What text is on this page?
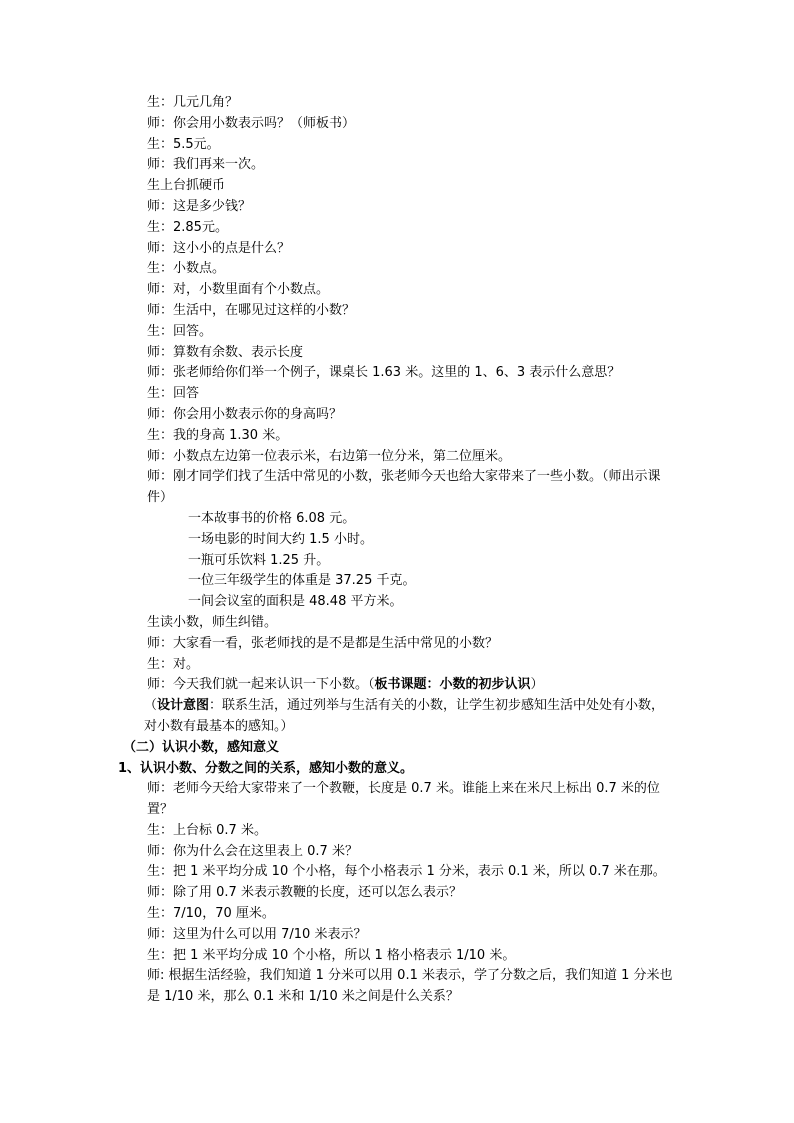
生：几元几角？
师：你会用小数表示吗？（师板书）
生：5.5元。
师：我们再来一次。
生上台抓硬币
师：这是多少钱？
生：2.85元。
师：这小小的点是什么？
生：小数点。
师：对，小数里面有个小数点。
师：生活中，在哪见过这样的小数？
生：回答。
师：算数有余数、表示长度
师：张老师给你们举一个例子，课桌长 1.63 米。这里的 1、6、3 表示什么意思？
生：回答
师：你会用小数表示你的身高吗？
生：我的身高 1.30 米。
师：小数点左边第一位表示米，右边第一位分米，第二位厘米。
师：刚才同学们找了生活中常见的小数，张老师今天也给大家带来了一些小数。（师出示课件）
一本故事书的价格 6.08 元。
一场电影的时间大约 1.5 小时。
一瓶可乐饮料 1.25 升。
一位三年级学生的体重是 37.25 千克。
一间会议室的面积是 48.48 平方米。
生读小数，师生纠错。
师：大家看一看，张老师找的是不是都是生活中常见的小数？
生：对。
师：今天我们就一起来认识一下小数。（板书课题：小数的初步认识）
（设计意图：联系生活，通过列举与生活有关的小数，让学生初步感知生活中处处有小数，对小数有最基本的感知。）
（二）认识小数，感知意义
1、认识小数、分数之间的关系，感知小数的意义。
师：老师今天给大家带来了一个教鞭，长度是 0.7 米。谁能上来在米尺上标出 0.7 米的位置？
生：上台标 0.7 米。
师：你为什么会在这里表上 0.7 米？
生：把 1 米平均分成 10 个小格，每个小格表示 1 分米，表示 0.1 米，所以 0.7 米在那。
师：除了用 0.7 米表示教鞭的长度，还可以怎么表示？
生：7/10，70 厘米。
师：这里为什么可以用 7/10 米表示？
生：把 1 米平均分成 10 个小格，所以 1 格小格表示 1/10 米。
师: 根据生活经验，我们知道 1 分米可以用 0.1 米表示，学了分数之后，我们知道 1 分米也是 1/10 米，那么 0.1 米和 1/10 米之间是什么关系？
